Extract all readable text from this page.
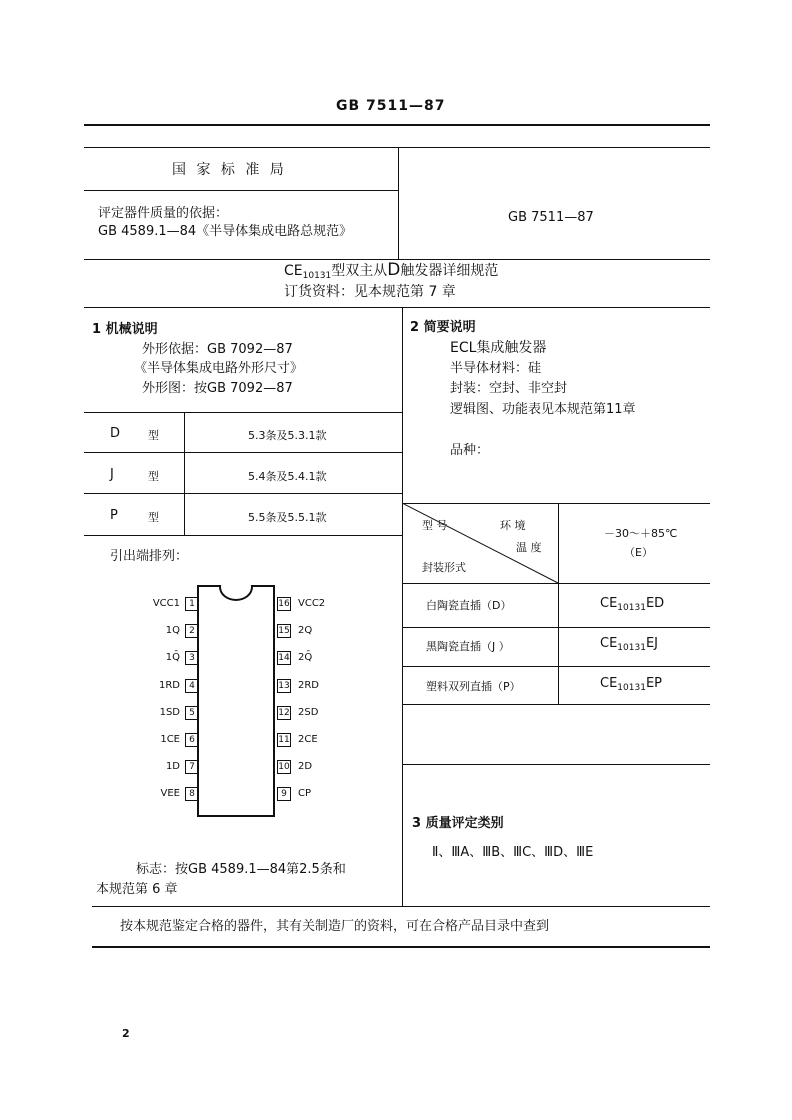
GB 7511—87
国 家 标 准 局
评定器件质量的依据：
GB 4589.1—84《半导体集成电路总规范》
GB 7511—87
$CE_{10131}$型双主从D触发器详细规范
订货资料：见本规范第 7 章
1 机械说明
外形依据：GB 7092—87
《半导体集成电路外形尺寸》
外形图：按GB 7092—87
D	型	5.3条及5.3.1款
J	型	5.4条及5.4.1款
P	型	5.5条及5.5.1款
引出端排列：
1
VCC1
2
1Q
3
1Q̄
4
1RD
5
1SD
6
1CE
7
1D
8
VEE
16 VCC2
15 2Q
14 2Q̄
13 2RD
12 2SD
11 2CE
10 2D
9	CP
标志：按GB 4589.1—84第2.5条和
本规范第 6 章
2 简要说明
ECL集成触发器
半导体材料：硅
封装：空封、非空封
逻辑图、功能表见本规范第11章
品种：
型 号	环 境
温 度
封装形式
－30～＋85℃
（E）
白陶瓷直插（D）	$CE_{10131}ED$
黑陶瓷直插（J ）	$CE_{10131}EJ$
塑料双列直插（P）	$CE_{10131}EP$
3 质量评定类别
Ⅱ、ⅢA、ⅢB、ⅢC、ⅢD、ⅢE
按本规范鉴定合格的器件，其有关制造厂的资料，可在合格产品目录中查到
2
